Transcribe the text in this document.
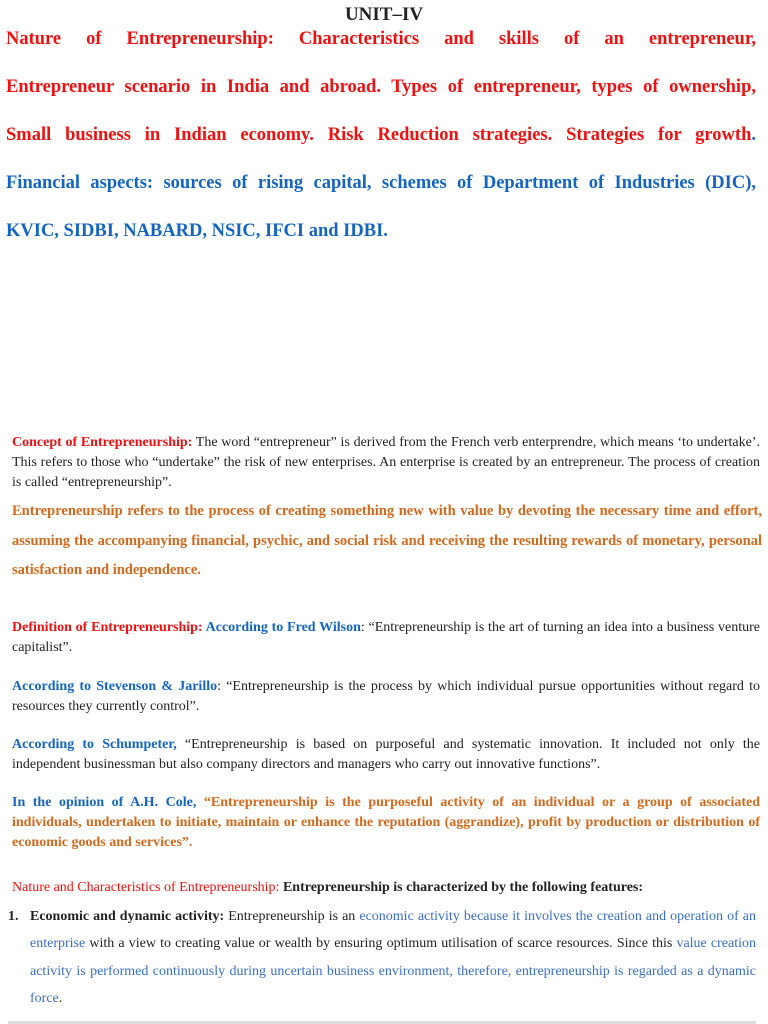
UNIT–IV
Nature of Entrepreneurship: Characteristics and skills of an entrepreneur,
Entrepreneur scenario in India and abroad. Types of entrepreneur, types of ownership,
Small business in Indian economy. Risk Reduction strategies. Strategies for growth.
Financial aspects: sources of rising capital, schemes of Department of Industries (DIC),
KVIC, SIDBI, NABARD, NSIC, IFCI and IDBI.

Concept of Entrepreneurship: The word “entrepreneur” is derived from the French verb enterprendre, which means ‘to undertake’. This refers to those who “undertake” the risk of new enterprises. An enterprise is created by an entrepreneur. The process of creation is called “entrepreneurship”.

Entrepreneurship refers to the process of creating something new with value by devoting the necessary time and effort, assuming the accompanying financial, psychic, and social risk and receiving the resulting rewards of monetary, personal satisfaction and independence.

Definition of Entrepreneurship: According to Fred Wilson: “Entrepreneurship is the art of turning an idea into a business venture capitalist”.

According to Stevenson & Jarillo: “Entrepreneurship is the process by which individual pursue opportunities without regard to resources they currently control”.

According to Schumpeter, “Entrepreneurship is based on purposeful and systematic innovation. It included not only the independent businessman but also company directors and managers who carry out innovative functions”.

In the opinion of A.H. Cole, “Entrepreneurship is the purposeful activity of an individual or a group of associated individuals, undertaken to initiate, maintain or enhance the reputation (aggrandize), profit by production or distribution of economic goods and services”.

Nature and Characteristics of Entrepreneurship: Entrepreneurship is characterized by the following features:
1. Economic and dynamic activity: Entrepreneurship is an economic activity because it involves the creation and operation of an enterprise with a view to creating value or wealth by ensuring optimum utilisation of scarce resources. Since this value creation activity is performed continuously during uncertain business environment, therefore, entrepreneurship is regarded as a dynamic force.
